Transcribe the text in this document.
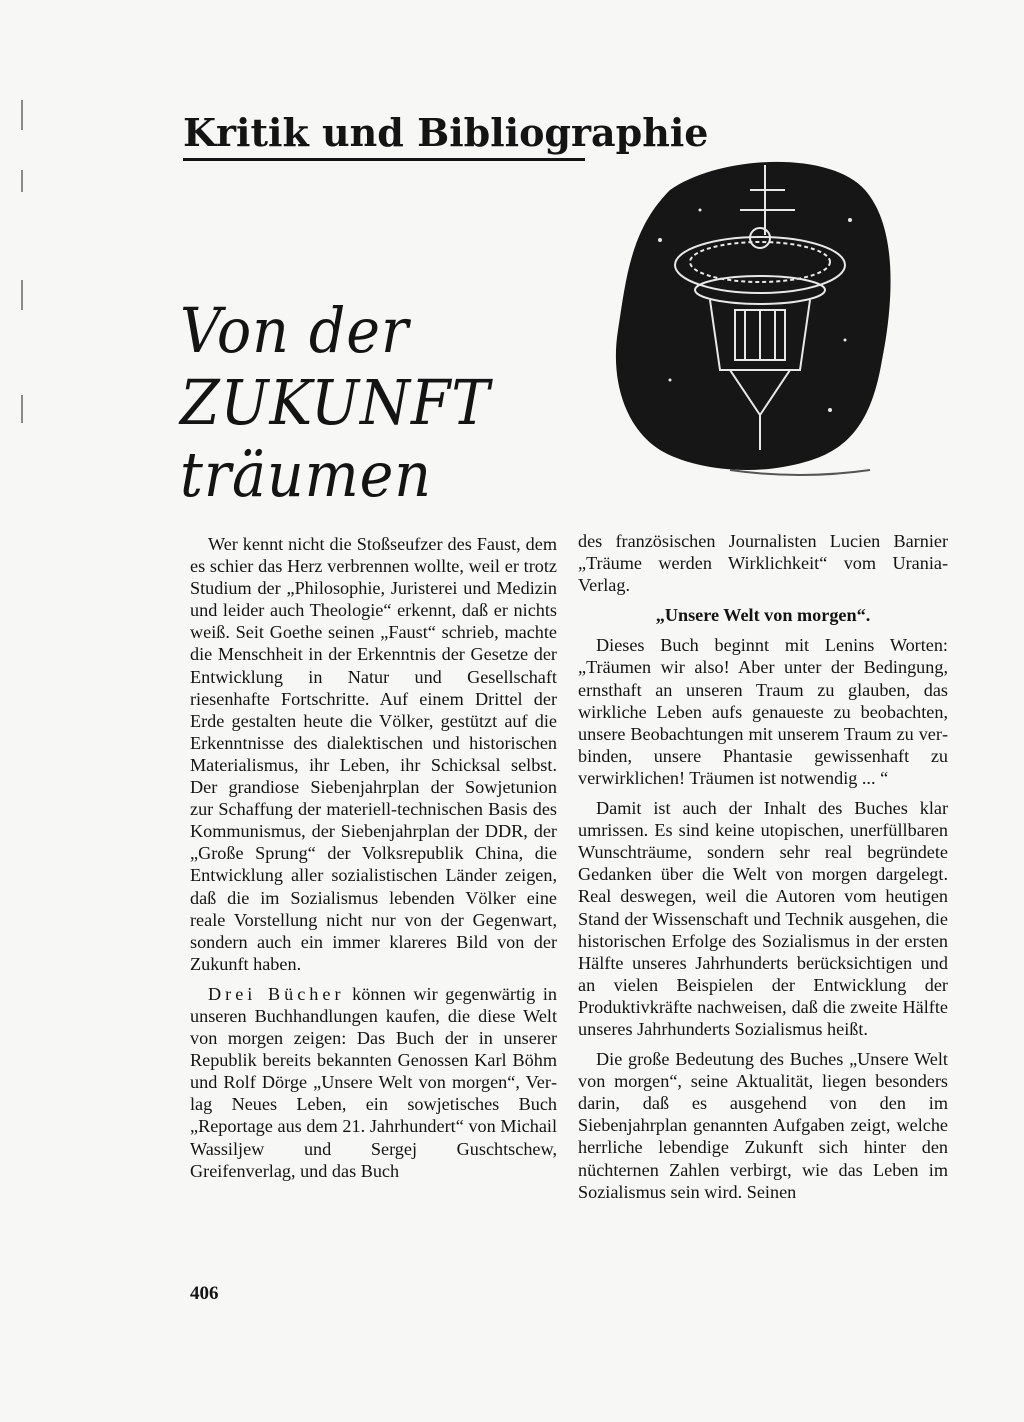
Kritik und Bibliographie
Von der
ZUKUNFT
träumen

Wer kennt nicht die Stoßseufzer des Faust, dem es schier das Herz verbrennen wollte, weil er trotz Studium der „Philosophie, Juristerei und Medizin und leider auch Theologie“ erkennt, daß er nichts weiß. Seit Goethe seinen „Faust“ schrieb, machte die Menschheit in der Erkenntnis der Gesetze der Entwicklung in Natur und Gesellschaft riesenhafte Fortschritte. Auf einem Drittel der Erde gestalten heute die Völker, gestützt auf die Erkenntnisse des dialektischen und historischen Materialismus, ihr Leben, ihr Schicksal selbst. Der grandiose Siebenjahrplan der Sowjetunion zur Schaffung der materiell-technischen Basis des Kommunismus, der Siebenjahrplan der DDR, der „Große Sprung“ der Volksrepublik China, die Entwicklung aller sozialistischen Länder zeigen, daß die im Sozialismus lebenden Völker eine reale Vorstellung nicht nur von der Gegenwart, sondern auch ein immer klareres Bild von der Zukunft haben.

Drei Bücher können wir gegenwärtig in unseren Buchhandlungen kaufen, die diese Welt von morgen zeigen: Das Buch der in unserer Republik bereits bekannten Genossen Karl Böhm und Rolf Dörge „Unsere Welt von morgen“, Verlag Neues Leben, ein sowjetisches Buch „Reportage aus dem 21. Jahrhundert“ von Michail Wassiljew und Sergej Guschtschew, Greifenverlag, und das Buch

des französischen Journalisten Lucien Barnier „Träume werden Wirklichkeit“ vom Urania-Verlag.

„Unsere Welt von morgen“.

Dieses Buch beginnt mit Lenins Worten: „Träumen wir also! Aber unter der Bedingung, ernsthaft an unseren Traum zu glauben, das wirkliche Leben aufs genaueste zu beobachten, unsere Beobachtungen mit unserem Traum zu verbinden, unsere Phantasie gewissenhaft zu verwirklichen! Träumen ist notwendig ... “

Damit ist auch der Inhalt des Buches klar umrissen. Es sind keine utopischen, unerfüllbaren Wunschträume, sondern sehr real begründete Gedanken über die Welt von morgen dargelegt. Real deswegen, weil die Autoren vom heutigen Stand der Wissenschaft und Technik ausgehen, die historischen Erfolge des Sozialismus in der ersten Hälfte unseres Jahrhunderts berücksichtigen und an vielen Beispielen der Entwicklung der Produktivkräfte nachweisen, daß die zweite Hälfte unseres Jahrhunderts Sozialismus heißt.

Die große Bedeutung des Buches „Unsere Welt von morgen“, seine Aktualität, liegen besonders darin, daß es ausgehend von den im Siebenjahrplan genannten Aufgaben zeigt, welche herrliche lebendige Zukunft sich hinter den nüchternen Zahlen verbirgt, wie das Leben im Sozialismus sein wird. Seinen

406
